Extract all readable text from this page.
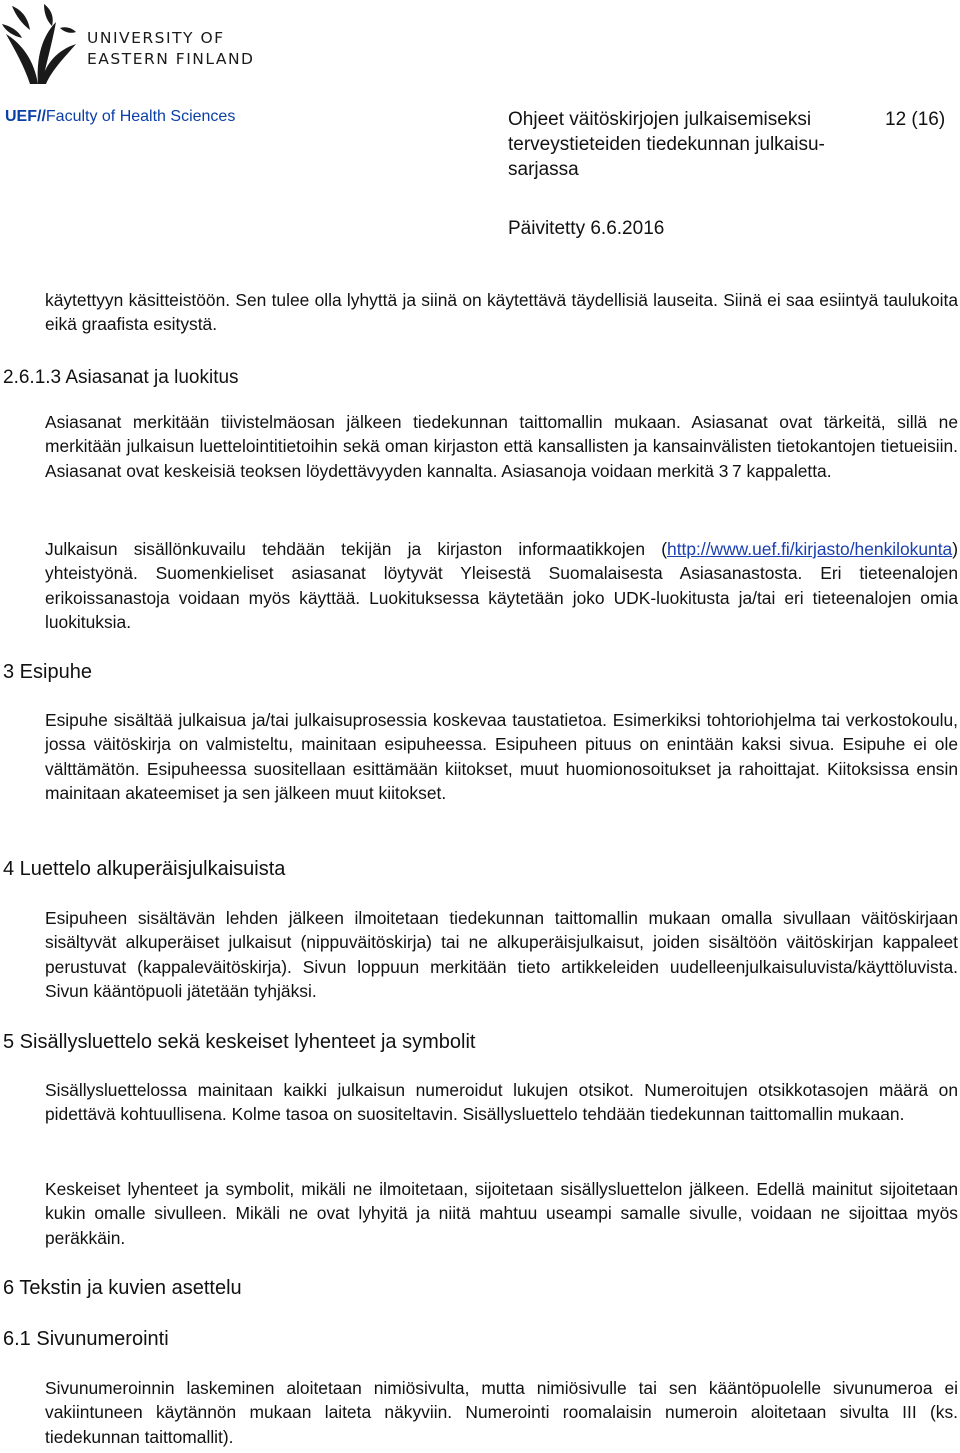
UNIVERSITY OF
EASTERN FINLAND
UEF//Faculty of Health Sciences	Ohjeet väitöskirjojen julkaisemiseksi terveystieteiden tiedekunnan julkaisu-sarjassa
12 (16)
Päivitetty 6.6.2016
käytettyyn käsitteistöön. Sen tulee olla lyhyttä ja siinä on käytettävä täydellisiä lauseita. Siinä ei saa esiintyä taulukoita eikä graafista esitystä.
2.6.1.3 Asiasanat ja luokitus
Asiasanat merkitään tiivistelmäosan jälkeen tiedekunnan taittomallin mukaan. Asiasanat ovat tärkeitä, sillä ne merkitään julkaisun luettelointitietoihin sekä oman kirjaston että kansallisten ja kansainvälisten tietokantojen tietueisiin. Asiasanat ovat keskeisiä teoksen löydettävyyden kannalta. Asiasanoja voidaan merkitä 3 7 kappaletta.
Julkaisun sisällönkuvailu tehdään tekijän ja kirjaston informaatikkojen (http://www.uef.fi/kirjasto/henkilokunta) yhteistyönä. Suomenkieliset asiasanat löytyvät Yleisestä Suomalaisesta Asiasanastosta. Eri tieteenalojen erikoissanastoja voidaan myös käyttää. Luokituksessa käytetään joko UDK-luokitusta ja/tai eri tieteenalojen omia luokituksia.
3 Esipuhe
Esipuhe sisältää julkaisua ja/tai julkaisuprosessia koskevaa taustatietoa. Esimerkiksi tohtoriohjelma tai verkostokoulu, jossa väitöskirja on valmisteltu, mainitaan esipuheessa. Esipuheen pituus on enintään kaksi sivua. Esipuhe ei ole välttämätön. Esipuheessa suositellaan esittämään kiitokset, muut huomionosoitukset ja rahoittajat. Kiitoksissa ensin mainitaan akateemiset ja sen jälkeen muut kiitokset.
4 Luettelo alkuperäisjulkaisuista
Esipuheen sisältävän lehden jälkeen ilmoitetaan tiedekunnan taittomallin mukaan omalla sivullaan väitöskirjaan sisältyvät alkuperäiset julkaisut (nippuväitöskirja) tai ne alkuperäisjulkaisut, joiden sisältöön väitöskirjan kappaleet perustuvat (kappaleväitöskirja). Sivun loppuun merkitään tieto artikkeleiden uudelleenjulkaisuluvista/käyttöluvista. Sivun kääntöpuoli jätetään tyhjäksi.
5 Sisällysluettelo sekä keskeiset lyhenteet ja symbolit
Sisällysluettelossa mainitaan kaikki julkaisun numeroidut lukujen otsikot. Numeroitujen otsikkotasojen määrä on pidettävä kohtuullisena. Kolme tasoa on suositeltavin. Sisällysluettelo tehdään tiedekunnan taittomallin mukaan.
Keskeiset lyhenteet ja symbolit, mikäli ne ilmoitetaan, sijoitetaan sisällysluettelon jälkeen. Edellä mainitut sijoitetaan kukin omalle sivulleen. Mikäli ne ovat lyhyitä ja niitä mahtuu useampi samalle sivulle, voidaan ne sijoittaa myös peräkkäin.
6 Tekstin ja kuvien asettelu
6.1 Sivunumerointi
Sivunumeroinnin laskeminen aloitetaan nimiösivulta, mutta nimiösivulle tai sen kääntöpuolelle sivunumeroa ei vakiintuneen käytännön mukaan laiteta näkyviin. Numerointi roomalaisin numeroin aloitetaan sivulta III (ks. tiedekunnan taittomallit).
